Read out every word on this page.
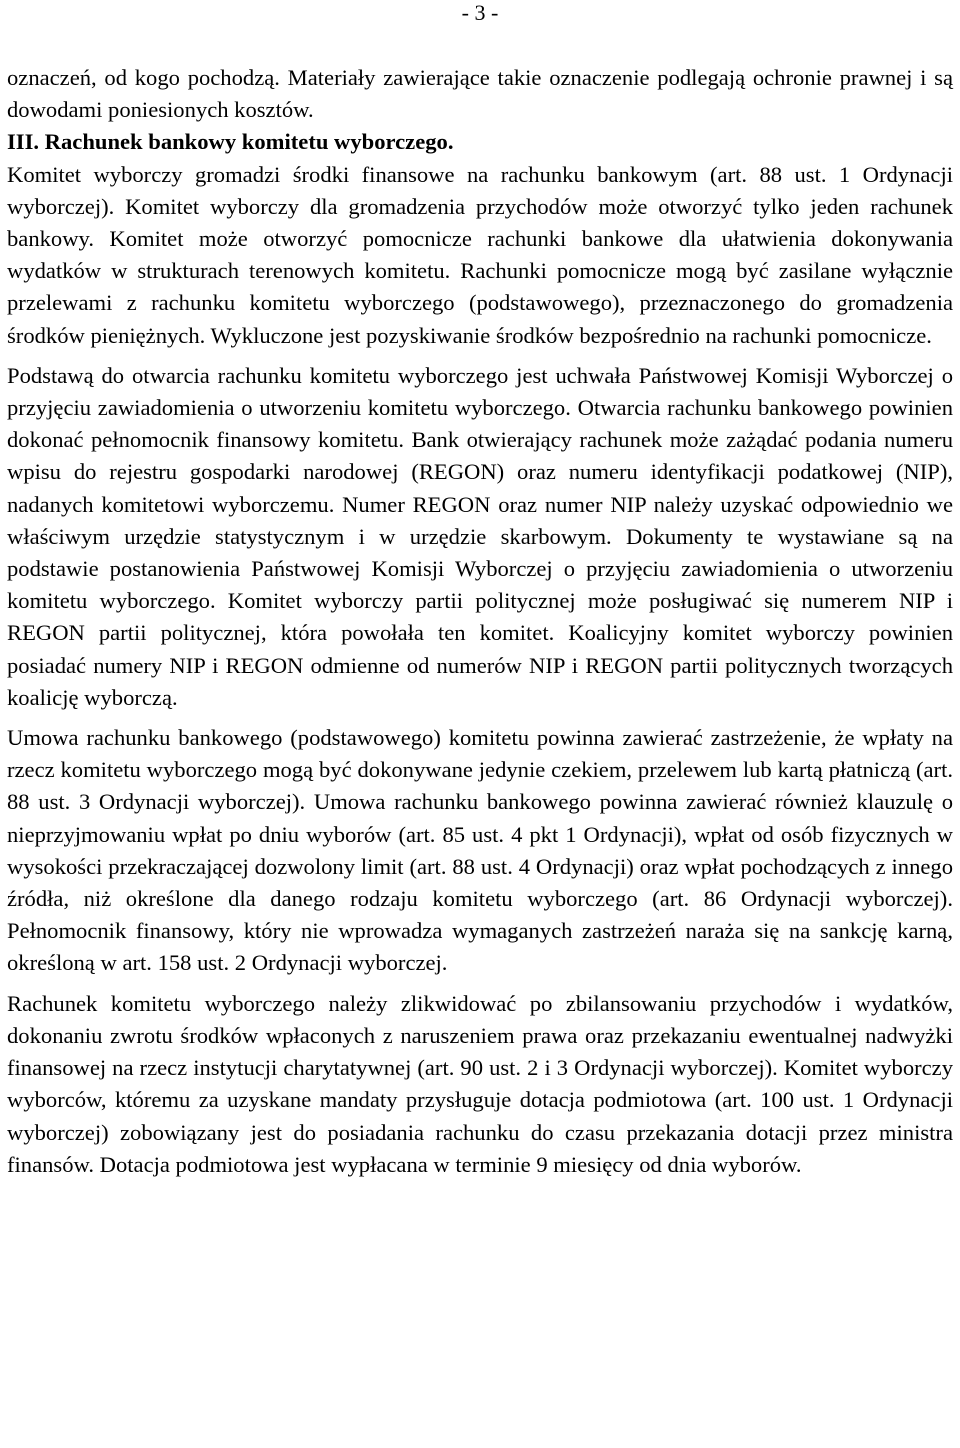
- 3 -

oznaczeń, od kogo pochodzą. Materiały zawierające takie oznaczenie podlegają ochronie prawnej i są dowodami poniesionych kosztów.

III. Rachunek bankowy komitetu wyborczego.

Komitet wyborczy gromadzi środki finansowe na rachunku bankowym (art. 88 ust. 1 Ordynacji wyborczej). Komitet wyborczy dla gromadzenia przychodów może otworzyć tylko jeden rachunek bankowy. Komitet może otworzyć pomocnicze rachunki bankowe dla ułatwienia dokonywania wydatków w strukturach terenowych komitetu. Rachunki pomocnicze mogą być zasilane wyłącznie przelewami z rachunku komitetu wyborczego (podstawowego), przeznaczonego do gromadzenia środków pieniężnych. Wykluczone jest pozyskiwanie środków bezpośrednio na rachunki pomocnicze.

Podstawą do otwarcia rachunku komitetu wyborczego jest uchwała Państwowej Komisji Wyborczej o przyjęciu zawiadomienia o utworzeniu komitetu wyborczego. Otwarcia rachunku bankowego powinien dokonać pełnomocnik finansowy komitetu. Bank otwierający rachunek może zażądać podania numeru wpisu do rejestru gospodarki narodowej (REGON) oraz numeru identyfikacji podatkowej (NIP), nadanych komitetowi wyborczemu. Numer REGON oraz numer NIP należy uzyskać odpowiednio we właściwym urzędzie statystycznym i w urzędzie skarbowym. Dokumenty te wystawiane są na podstawie postanowienia Państwowej Komisji Wyborczej o przyjęciu zawiadomienia o utworzeniu komitetu wyborczego. Komitet wyborczy partii politycznej może posługiwać się numerem NIP i REGON partii politycznej, która powołała ten komitet. Koalicyjny komitet wyborczy powinien posiadać numery NIP i REGON odmienne od numerów NIP i REGON partii politycznych tworzących koalicję wyborczą.

Umowa rachunku bankowego (podstawowego) komitetu powinna zawierać zastrzeżenie, że wpłaty na rzecz komitetu wyborczego mogą być dokonywane jedynie czekiem, przelewem lub kartą płatniczą (art. 88 ust. 3 Ordynacji wyborczej). Umowa rachunku bankowego powinna zawierać również klauzulę o nieprzyjmowaniu wpłat po dniu wyborów (art. 85 ust. 4 pkt 1 Ordynacji), wpłat od osób fizycznych w wysokości przekraczającej dozwolony limit (art. 88 ust. 4 Ordynacji) oraz wpłat pochodzących z innego źródła, niż określone dla danego rodzaju komitetu wyborczego (art. 86 Ordynacji wyborczej). Pełnomocnik finansowy, który nie wprowadza wymaganych zastrzeżeń naraża się na sankcję karną, określoną w art. 158 ust. 2 Ordynacji wyborczej.

Rachunek komitetu wyborczego należy zlikwidować po zbilansowaniu przychodów i wydatków, dokonaniu zwrotu środków wpłaconych z naruszeniem prawa oraz przekazaniu ewentualnej nadwyżki finansowej na rzecz instytucji charytatywnej (art. 90 ust. 2 i 3 Ordynacji wyborczej). Komitet wyborczy wyborców, któremu za uzyskane mandaty przysługuje dotacja podmiotowa (art. 100 ust. 1 Ordynacji wyborczej) zobowiązany jest do posiadania rachunku do czasu przekazania dotacji przez ministra finansów. Dotacja podmiotowa jest wypłacana w terminie 9 miesięcy od dnia wyborów.
